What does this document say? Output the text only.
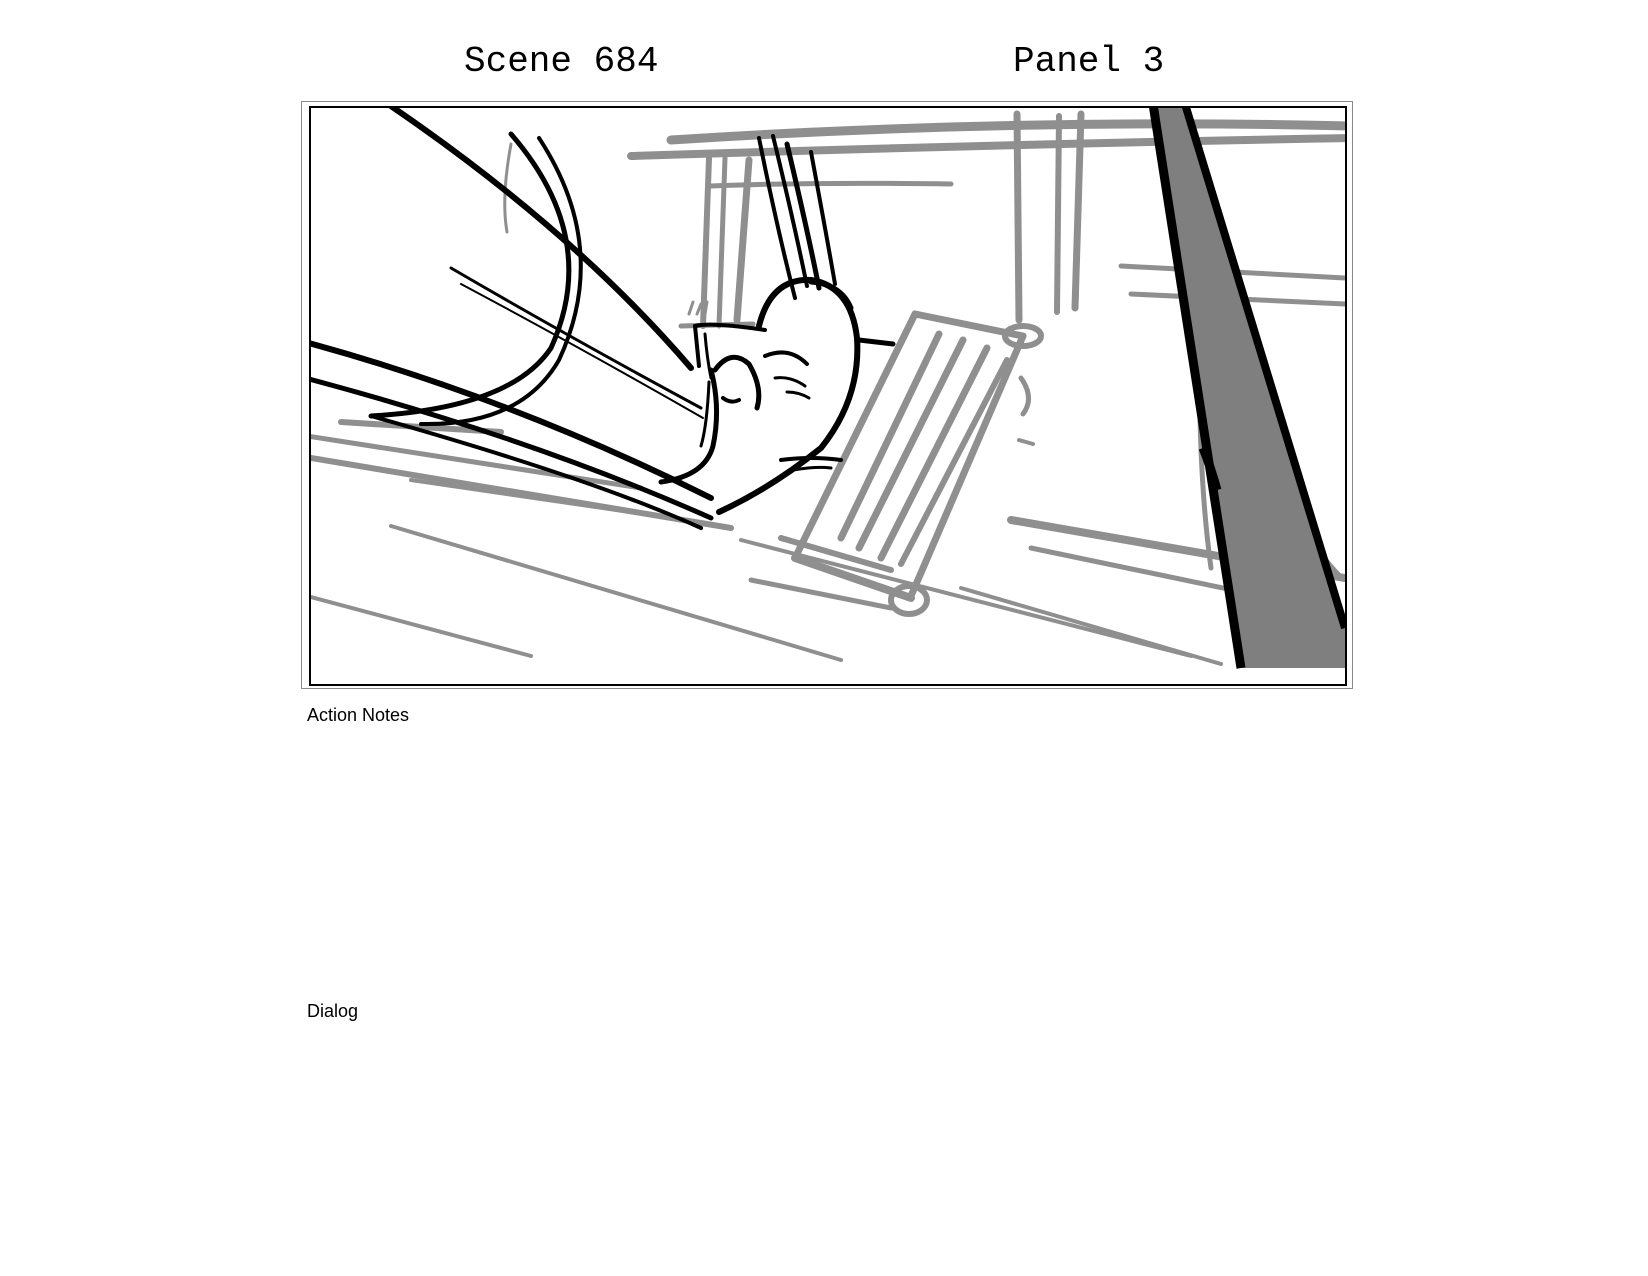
Scene 684	Panel 3
Action Notes
Dialog
